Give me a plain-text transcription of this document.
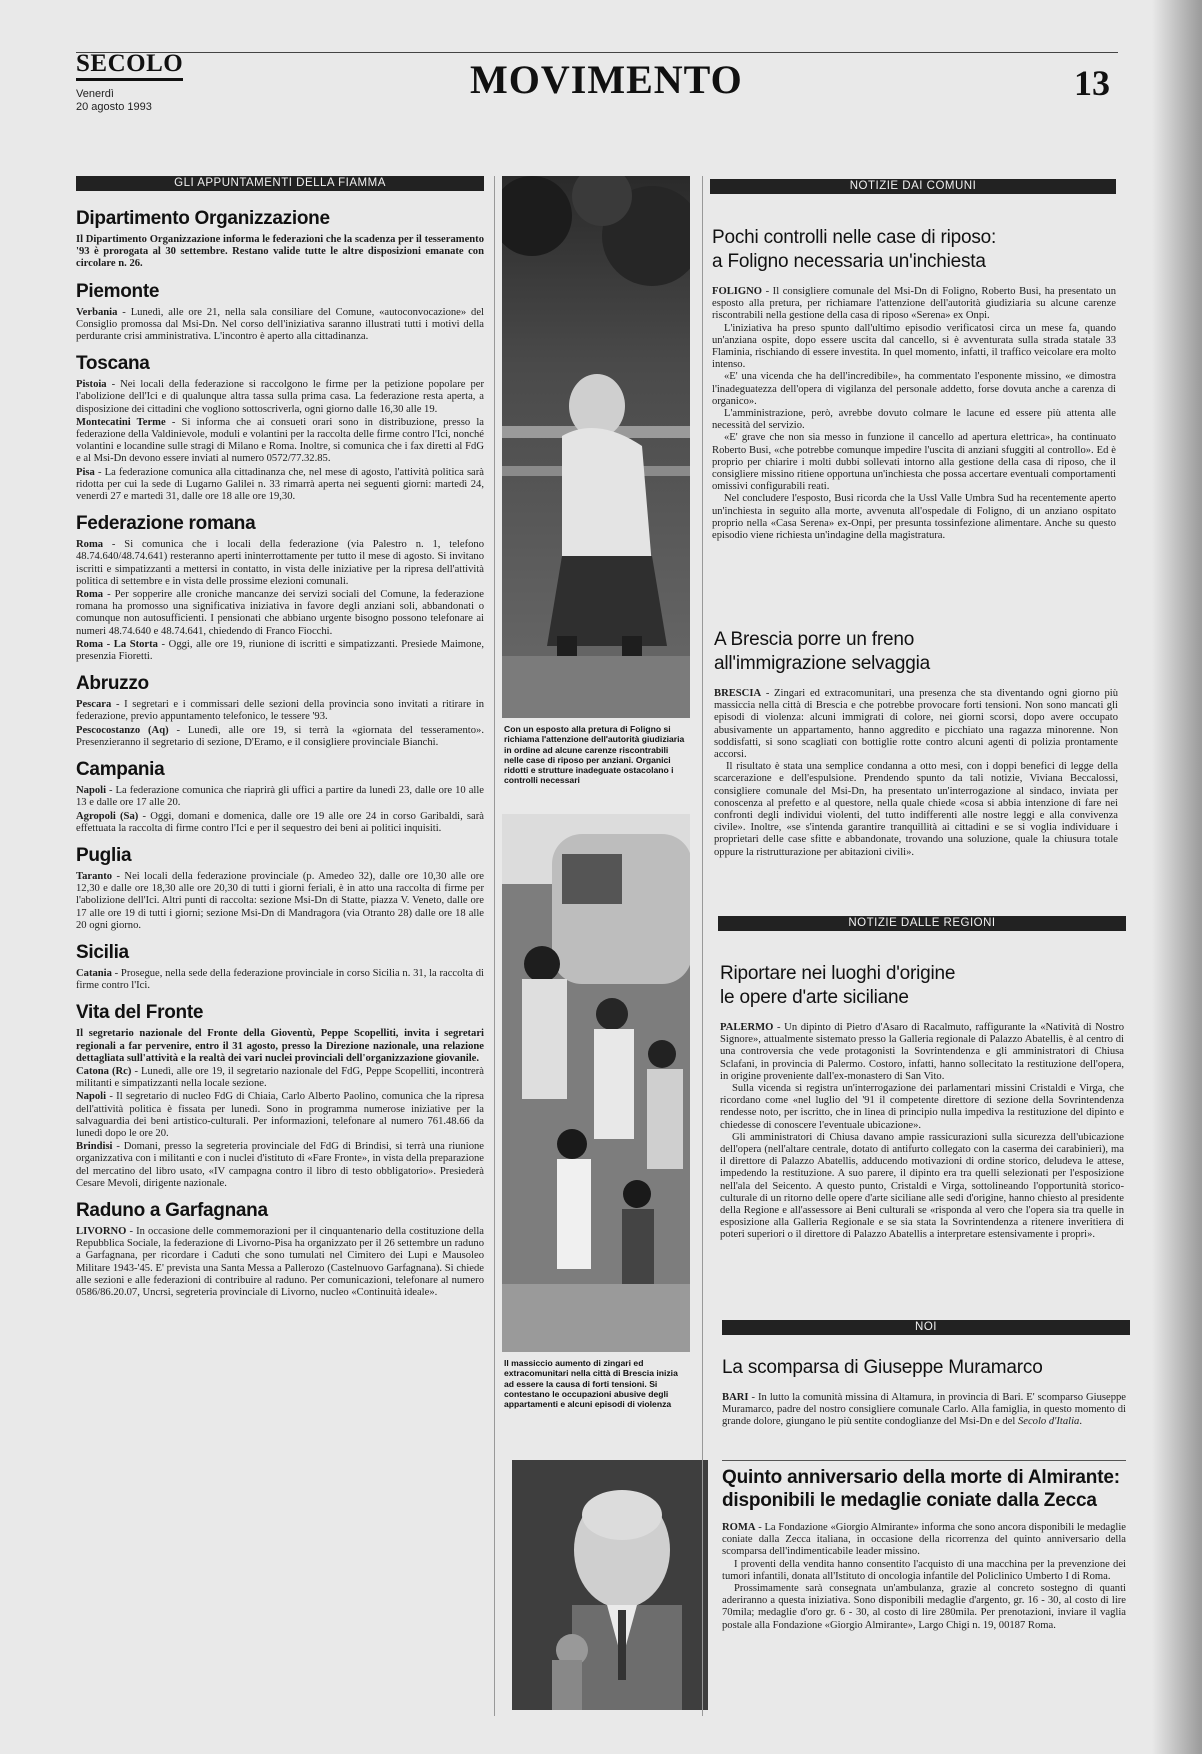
SECOLO
Venerdì
20 agosto 1993
MOVIMENTO	13
GLI APPUNTAMENTI DELLA FIAMMA
Dipartimento Organizzazione

Il Dipartimento Organizzazione informa le federazioni che la scadenza per il tesseramento '93 è prorogata al 30 settembre. Restano valide tutte le altre disposizioni emanate con circolare n. 26.

Piemonte

Verbania - Lunedì, alle ore 21, nella sala consiliare del Comune, «autoconvocazione» del Consiglio promossa dal Msi-Dn. Nel corso dell'iniziativa saranno illustrati tutti i motivi della perdurante crisi amministrativa. L'incontro è aperto alla cittadinanza.

Toscana

Pistoia - Nei locali della federazione si raccolgono le firme per la petizione popolare per l'abolizione dell'Ici e di qualunque altra tassa sulla prima casa. La federazione resta aperta, a disposizione dei cittadini che vogliono sottoscriverla, ogni giorno dalle 16,30 alle 19.

Montecatini Terme - Si informa che ai consueti orari sono in distribuzione, presso la federazione della Valdinievole, moduli e volantini per la raccolta delle firme contro l'Ici, nonché volantini e locandine sulle stragi di Milano e Roma. Inoltre, si comunica che i fax diretti al FdG e al Msi-Dn devono essere inviati al numero 0572/77.32.85.

Pisa - La federazione comunica alla cittadinanza che, nel mese di agosto, l'attività politica sarà ridotta per cui la sede di Lugarno Galilei n. 33 rimarrà aperta nei seguenti giorni: martedì 24, venerdì 27 e martedì 31, dalle ore 18 alle ore 19,30.

Federazione romana

Roma - Si comunica che i locali della federazione (via Palestro n. 1, telefono 48.74.640/48.74.641) resteranno aperti ininterrottamente per tutto il mese di agosto. Si invitano iscritti e simpatizzanti a mettersi in contatto, in vista delle iniziative per la ripresa dell'attività politica di settembre e in vista delle prossime elezioni comunali.

Roma - Per sopperire alle croniche mancanze dei servizi sociali del Comune, la federazione romana ha promosso una significativa iniziativa in favore degli anziani soli, abbandonati o comunque non autosufficienti. I pensionati che abbiano urgente bisogno possono telefonare ai numeri 48.74.640 e 48.74.641, chiedendo di Franco Fiocchi.

Roma - La Storta - Oggi, alle ore 19, riunione di iscritti e simpatizzanti. Presiede Maimone, presenzia Fioretti.

Abruzzo

Pescara - I segretari e i commissari delle sezioni della provincia sono invitati a ritirare in federazione, previo appuntamento telefonico, le tessere '93.

Pescocostanzo (Aq) - Lunedì, alle ore 19, si terrà la «giornata del tesseramento». Presenzieranno il segretario di sezione, D'Eramo, e il consigliere provinciale Bianchi.

Campania

Napoli - La federazione comunica che riaprirà gli uffici a partire da lunedì 23, dalle ore 10 alle 13 e dalle ore 17 alle 20.

Agropoli (Sa) - Oggi, domani e domenica, dalle ore 19 alle ore 24 in corso Garibaldi, sarà effettuata la raccolta di firme contro l'Ici e per il sequestro dei beni ai politici inquisiti.

Puglia

Taranto - Nei locali della federazione provinciale (p. Amedeo 32), dalle ore 10,30 alle ore 12,30 e dalle ore 18,30 alle ore 20,30 di tutti i giorni feriali, è in atto una raccolta di firme per l'abolizione dell'Ici. Altri punti di raccolta: sezione Msi-Dn di Statte, piazza V. Veneto, dalle ore 17 alle ore 19 di tutti i giorni; sezione Msi-Dn di Mandragora (via Otranto 28) dalle ore 18 alle 20 ogni giorno.

Sicilia

Catania - Prosegue, nella sede della federazione provinciale in corso Sicilia n. 31, la raccolta di firme contro l'Ici.

Vita del Fronte

Il segretario nazionale del Fronte della Gioventù, Peppe Scopelliti, invita i segretari regionali a far pervenire, entro il 31 agosto, presso la Direzione nazionale, una relazione dettagliata sull'attività e la realtà dei vari nuclei provinciali dell'organizzazione giovanile.

Catona (Rc) - Lunedì, alle ore 19, il segretario nazionale del FdG, Peppe Scopelliti, incontrerà militanti e simpatizzanti nella locale sezione.

Napoli - Il segretario di nucleo FdG di Chiaia, Carlo Alberto Paolino, comunica che la ripresa dell'attività politica è fissata per lunedì. Sono in programma numerose iniziative per la salvaguardia dei beni artistico-culturali. Per informazioni, telefonare al numero 761.48.66 da lunedì dopo le ore 20.

Brindisi - Domani, presso la segreteria provinciale del FdG di Brindisi, si terrà una riunione organizzativa con i militanti e con i nuclei d'istituto di «Fare Fronte», in vista della preparazione del mercatino del libro usato, «IV campagna contro il libro di testo obbligatorio». Presiederà Cesare Mevoli, dirigente nazionale.

Raduno a Garfagnana

LIVORNO - In occasione delle commemorazioni per il cinquantenario della costituzione della Repubblica Sociale, la federazione di Livorno-Pisa ha organizzato per il 26 settembre un raduno a Garfagnana, per ricordare i Caduti che sono tumulati nel Cimitero dei Lupi e Mausoleo Militare 1943-'45. E' prevista una Santa Messa a Pallerozo (Castelnuovo Garfagnana). Si chiede alle sezioni e alle federazioni di contribuire al raduno. Per comunicazioni, telefonare al numero 0586/86.20.07, Uncrsi, segreteria provinciale di Livorno, nucleo «Continuità ideale».

Con un esposto alla pretura di Foligno si richiama l'attenzione dell'autorità giudiziaria in ordine ad alcune carenze riscontrabili nelle case di riposo per anziani. Organici ridotti e strutture inadeguate ostacolano i controlli necessari
Il massiccio aumento di zingari ed extracomunitari nella città di Brescia inizia ad essere la causa di forti tensioni. Si contestano le occupazioni abusive degli appartamenti e alcuni episodi di violenza
NOTIZIE DAI COMUNI
Pochi controlli nelle case di riposo:
a Foligno necessaria un'inchiesta

FOLIGNO - Il consigliere comunale del Msi-Dn di Foligno, Roberto Busi, ha presentato un esposto alla pretura, per richiamare l'attenzione dell'autorità giudiziaria su alcune carenze riscontrabili nella gestione della casa di riposo «Serena» ex Onpi.

L'iniziativa ha preso spunto dall'ultimo episodio verificatosi circa un mese fa, quando un'anziana ospite, dopo essere uscita dal cancello, si è avventurata sulla strada statale 33 Flaminia, rischiando di essere investita. In quel momento, infatti, il traffico veicolare era molto intenso.

«E' una vicenda che ha dell'incredibile», ha commentato l'esponente missino, «e dimostra l'inadeguatezza dell'opera di vigilanza del personale addetto, forse dovuta anche a carenza di organico».

L'amministrazione, però, avrebbe dovuto colmare le lacune ed essere più attenta alle necessità del servizio.

«E' grave che non sia messo in funzione il cancello ad apertura elettrica», ha continuato Roberto Busi, «che potrebbe comunque impedire l'uscita di anziani sfuggiti al controllo». Ed è proprio per chiarire i molti dubbi sollevati intorno alla gestione della casa di riposo, che il consigliere missino ritiene opportuna un'inchiesta che possa accertare eventuali comportamenti omissivi configurabili reati.

Nel concludere l'esposto, Busi ricorda che la Ussl Valle Umbra Sud ha recentemente aperto un'inchiesta in seguito alla morte, avvenuta all'ospedale di Foligno, di un anziano ospitato proprio nella «Casa Serena» ex-Onpi, per presunta tossinfezione alimentare. Anche su questo episodio viene richiesta un'indagine della magistratura.

A Brescia porre un freno
all'immigrazione selvaggia

BRESCIA - Zingari ed extracomunitari, una presenza che sta diventando ogni giorno più massiccia nella città di Brescia e che potrebbe provocare forti tensioni. Non sono mancati gli episodi di violenza: alcuni immigrati di colore, nei giorni scorsi, dopo avere occupato abusivamente un appartamento, hanno aggredito e picchiato una ragazza minorenne. Non soddisfatti, si sono scagliati con bottiglie rotte contro alcuni agenti di polizia prontamente accorsi.

Il risultato è stata una semplice condanna a otto mesi, con i doppi benefici di legge della scarcerazione e dell'espulsione. Prendendo spunto da tali notizie, Viviana Beccalossi, consigliere comunale del Msi-Dn, ha presentato un'interrogazione al sindaco, inviata per conoscenza al prefetto e al questore, nella quale chiede «cosa si abbia intenzione di fare nei confronti degli individui violenti, del tutto indifferenti alle nostre leggi e alla convivenza civile». Inoltre, «se s'intenda garantire tranquillità ai cittadini e se si voglia individuare i proprietari delle case sfitte e abbandonate, trovando una soluzione, quale la chiusura totale oppure la ristrutturazione per abitazioni civili».

NOTIZIE DALLE REGIONI
Riportare nei luoghi d'origine
le opere d'arte siciliane

PALERMO - Un dipinto di Pietro d'Asaro di Racalmuto, raffigurante la «Natività di Nostro Signore», attualmente sistemato presso la Galleria regionale di Palazzo Abatellis, è al centro di una controversia che vede protagonisti la Sovrintendenza e gli amministratori di Chiusa Sclafani, in provincia di Palermo. Costoro, infatti, hanno sollecitato la restituzione dell'opera, in origine proveniente dall'ex-monastero di San Vito.

Sulla vicenda si registra un'interrogazione dei parlamentari missini Cristaldi e Virga, che ricordano come «nel luglio del '91 il competente direttore di sezione della Sovrintendenza rendesse noto, per iscritto, che in linea di principio nulla impediva la restituzione del dipinto e chiedesse di conoscere l'eventuale ubicazione».

Gli amministratori di Chiusa davano ampie rassicurazioni sulla sicurezza dell'ubicazione dell'opera (nell'altare centrale, dotato di antifurto collegato con la caserma dei carabinieri), ma il direttore di Palazzo Abatellis, adducendo motivazioni di ordine storico, deludeva le attese, impedendo la restituzione. A suo parere, il dipinto era tra quelli selezionati per l'esposizione nell'ala del Seicento. A questo punto, Cristaldi e Virga, sottolineando l'opportunità storico-culturale di un ritorno delle opere d'arte siciliane alle sedi d'origine, hanno chiesto al presidente della Regione e all'assessore ai Beni culturali se «risponda al vero che l'opera sia tra quelle in esposizione alla Galleria Regionale e se sia stata la Sovrintendenza a ritenere inveritiera di poteri superiori o il direttore di Palazzo Abatellis a interpretare estensivamente i propri».

NOI
La scomparsa di Giuseppe Muramarco

BARI - In lutto la comunità missina di Altamura, in provincia di Bari. E' scomparso Giuseppe Muramarco, padre del nostro consigliere comunale Carlo. Alla famiglia, in questo momento di grande dolore, giungano le più sentite condoglianze del Msi-Dn e del Secolo d'Italia.

Quinto anniversario della morte di Almirante:
disponibili le medaglie coniate dalla Zecca

ROMA - La Fondazione «Giorgio Almirante» informa che sono ancora disponibili le medaglie coniate dalla Zecca italiana, in occasione della ricorrenza del quinto anniversario della scomparsa dell'indimenticabile leader missino.

I proventi della vendita hanno consentito l'acquisto di una macchina per la prevenzione dei tumori infantili, donata all'Istituto di oncologia infantile del Policlinico Umberto I di Roma.

Prossimamente sarà consegnata un'ambulanza, grazie al concreto sostegno di quanti aderiranno a questa iniziativa. Sono disponibili medaglie d'argento, gr. 16 - 30, al costo di lire 70mila; medaglie d'oro gr. 6 - 30, al costo di lire 280mila. Per prenotazioni, inviare il vaglia postale alla Fondazione «Giorgio Almirante», Largo Chigi n. 19, 00187 Roma.
